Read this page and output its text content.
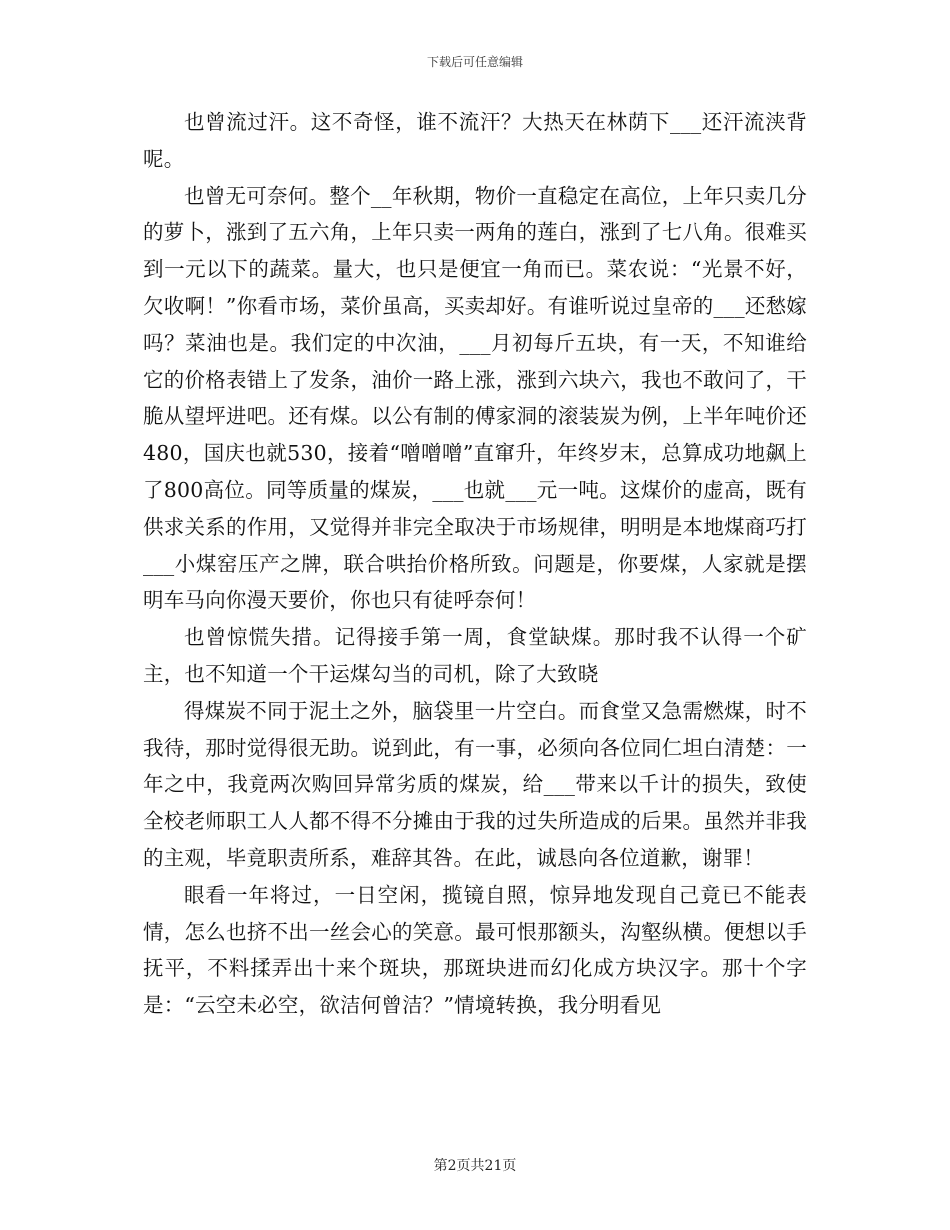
下载后可任意编辑

也曾流过汗。这不奇怪，谁不流汗？大热天在林荫下___还汗流浃背呢。

也曾无可奈何。整个__年秋期，物价一直稳定在高位，上年只卖几分的萝卜，涨到了五六角，上年只卖一两角的莲白，涨到了七八角。很难买到一元以下的蔬菜。量大，也只是便宜一角而已。菜农说：“光景不好，欠收啊！”你看市场，菜价虽高，买卖却好。有谁听说过皇帝的___还愁嫁吗？菜油也是。我们定的中次油，___月初每斤五块，有一天，不知谁给它的价格表错上了发条，油价一路上涨，涨到六块六，我也不敢问了，干脆从望坪进吧。还有煤。以公有制的傅家洞的滚装炭为例，上半年吨价还480，国庆也就530，接着“噌噌噌”直窜升，年终岁末，总算成功地飙上了800高位。同等质量的煤炭，___也就___元一吨。这煤价的虚高，既有供求关系的作用，又觉得并非完全取决于市场规律，明明是本地煤商巧打___小煤窑压产之牌，联合哄抬价格所致。问题是，你要煤，人家就是摆明车马向你漫天要价，你也只有徒呼奈何！

也曾惊慌失措。记得接手第一周，食堂缺煤。那时我不认得一个矿主，也不知道一个干运煤勾当的司机，除了大致晓

得煤炭不同于泥土之外，脑袋里一片空白。而食堂又急需燃煤，时不我待，那时觉得很无助。说到此，有一事，必须向各位同仁坦白清楚：一年之中，我竟两次购回异常劣质的煤炭，给___带来以千计的损失，致使全校老师职工人人都不得不分摊由于我的过失所造成的后果。虽然并非我的主观，毕竟职责所系，难辞其咎。在此，诚恳向各位道歉，谢罪！

眼看一年将过，一日空闲，揽镜自照，惊异地发现自己竟已不能表情，怎么也挤不出一丝会心的笑意。最可恨那额头，沟壑纵横。便想以手抚平，不料揉弄出十来个斑块，那斑块进而幻化成方块汉字。那十个字是：“云空未必空，欲洁何曾洁？”情境转换，我分明看见

第2页共21页
